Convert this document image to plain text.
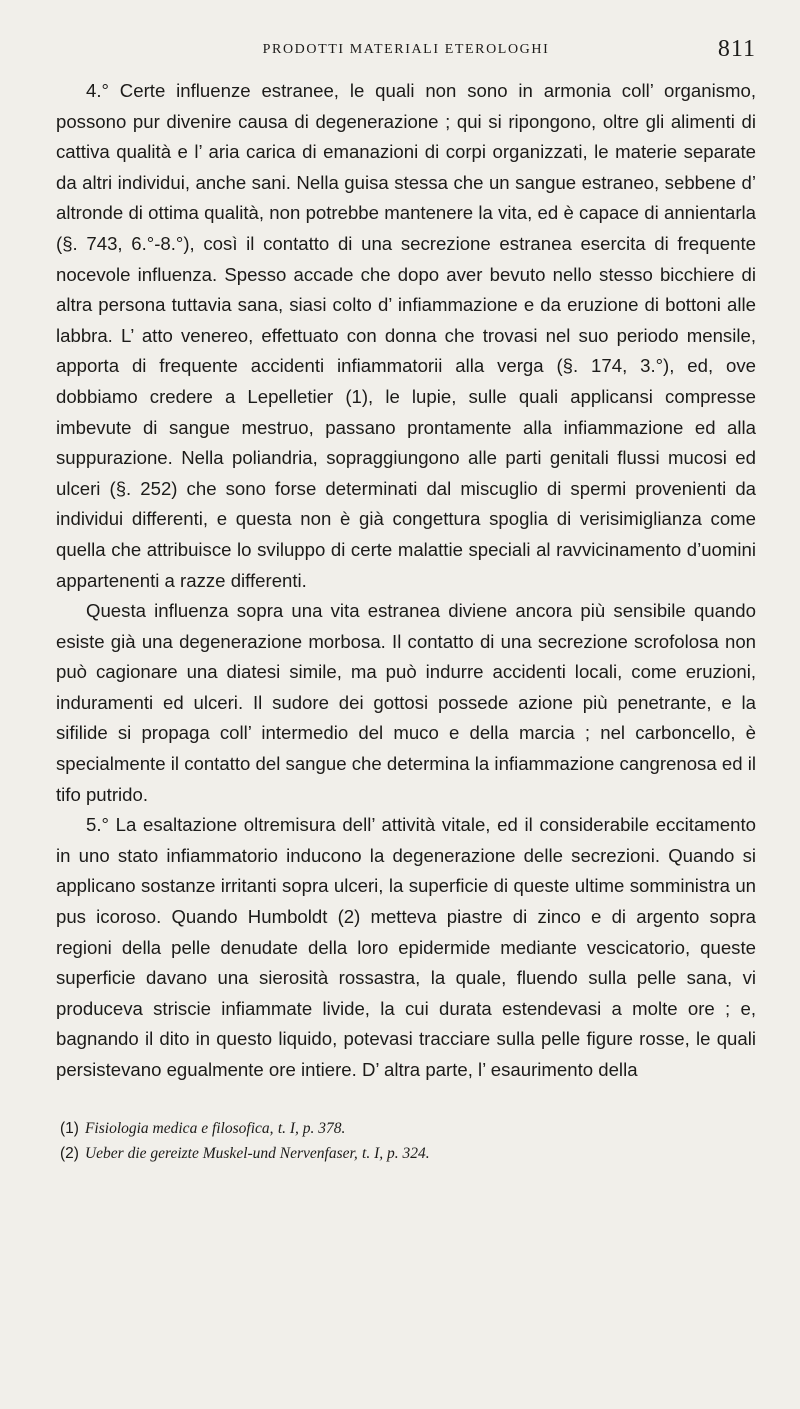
PRODOTTI MATERIALI ETEROLOGHI	811

4.° Certe influenze estranee, le quali non sono in armonia coll’ organismo, possono pur divenire causa di degenerazione ; qui si ripongono, oltre gli alimenti di cattiva qualità e l’ aria carica di emanazioni di corpi organizzati, le materie separate da altri individui, anche sani. Nella guisa stessa che un sangue estraneo, sebbene d’ altronde di ottima qualità, non potrebbe mantenere la vita, ed è capace di annientarla (§. 743, 6.°-8.°), così il contatto di una secrezione estranea esercita di frequente nocevole influenza. Spesso accade che dopo aver bevuto nello stesso bicchiere di altra persona tuttavia sana, siasi colto d’ infiammazione e da eruzione di bottoni alle labbra. L’ atto venereo, effettuato con donna che trovasi nel suo periodo mensile, apporta di frequente accidenti infiammatorii alla verga (§. 174, 3.°), ed, ove dobbiamo credere a Lepelletier (1), le lupie, sulle quali applicansi compresse imbevute di sangue mestruo, passano prontamente alla infiammazione ed alla suppurazione. Nella poliandria, sopraggiungono alle parti genitali flussi mucosi ed ulceri (§. 252) che sono forse determinati dal miscuglio di spermi provenienti da individui differenti, e questa non è già congettura spoglia di verisimiglianza come quella che attribuisce lo sviluppo di certe malattie speciali al ravvicinamento d’uomini appartenenti a razze differenti.

Questa influenza sopra una vita estranea diviene ancora più sensibile quando esiste già una degenerazione morbosa. Il contatto di una secrezione scrofolosa non può cagionare una diatesi simile, ma può indurre accidenti locali, come eruzioni, induramenti ed ulceri. Il sudore dei gottosi possede azione più penetrante, e la sifilide si propaga coll’ intermedio del muco e della marcia ; nel carboncello, è specialmente il contatto del sangue che determina la infiammazione cangrenosa ed il tifo putrido.

5.° La esaltazione oltremisura dell’ attività vitale, ed il considerabile eccitamento in uno stato infiammatorio inducono la degenerazione delle secrezioni. Quando si applicano sostanze irritanti sopra ulceri, la superficie di queste ultime somministra un pus icoroso. Quando Humboldt (2) metteva piastre di zinco e di argento sopra regioni della pelle denudate della loro epidermide mediante vescicatorio, queste superficie davano una sierosità rossastra, la quale, fluendo sulla pelle sana, vi produceva striscie infiammate livide, la cui durata estendevasi a molte ore ; e, bagnando il dito in questo liquido, potevasi tracciare sulla pelle figure rosse, le quali persistevano egualmente ore intiere. D’ altra parte, l’ esaurimento della

(1) Fisiologia medica e filosofica, t. I, p. 378.
(2) Ueber die gereizte Muskel-und Nervenfaser, t. I, p. 324.
